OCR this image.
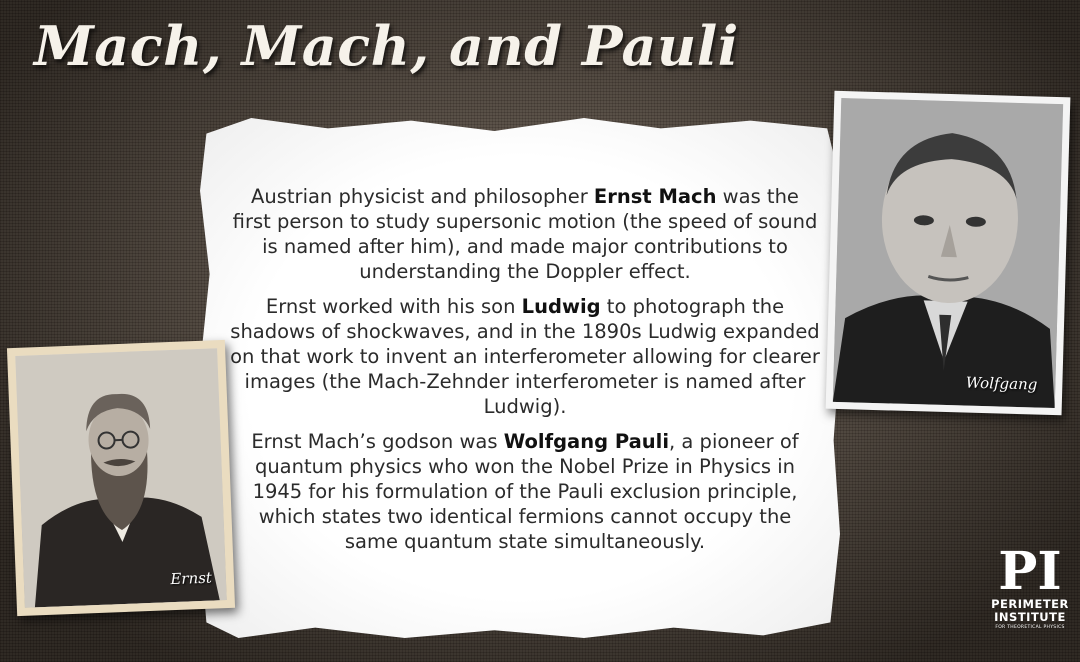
Mach, Mach, and Pauli

Austrian physicist and philosopher Ernst Mach was the first person to study supersonic motion (the speed of sound is named after him), and made major contributions to understanding the Doppler effect.

Ernst worked with his son Ludwig to photograph the shadows of shockwaves, and in the 1890s Ludwig expanded on that work to invent an interferometer allowing for clearer images (the Mach-Zehnder interferometer is named after Ludwig).

Ernst Mach’s godson was Wolfgang Pauli, a pioneer of quantum physics who won the Nobel Prize in Physics in 1945 for his formulation of the Pauli exclusion principle, which states two identical fermions cannot occupy the same quantum state simultaneously.

Ernst
Wolfgang
PI
PERIMETER
INSTITUTE
FOR THEORETICAL PHYSICS
